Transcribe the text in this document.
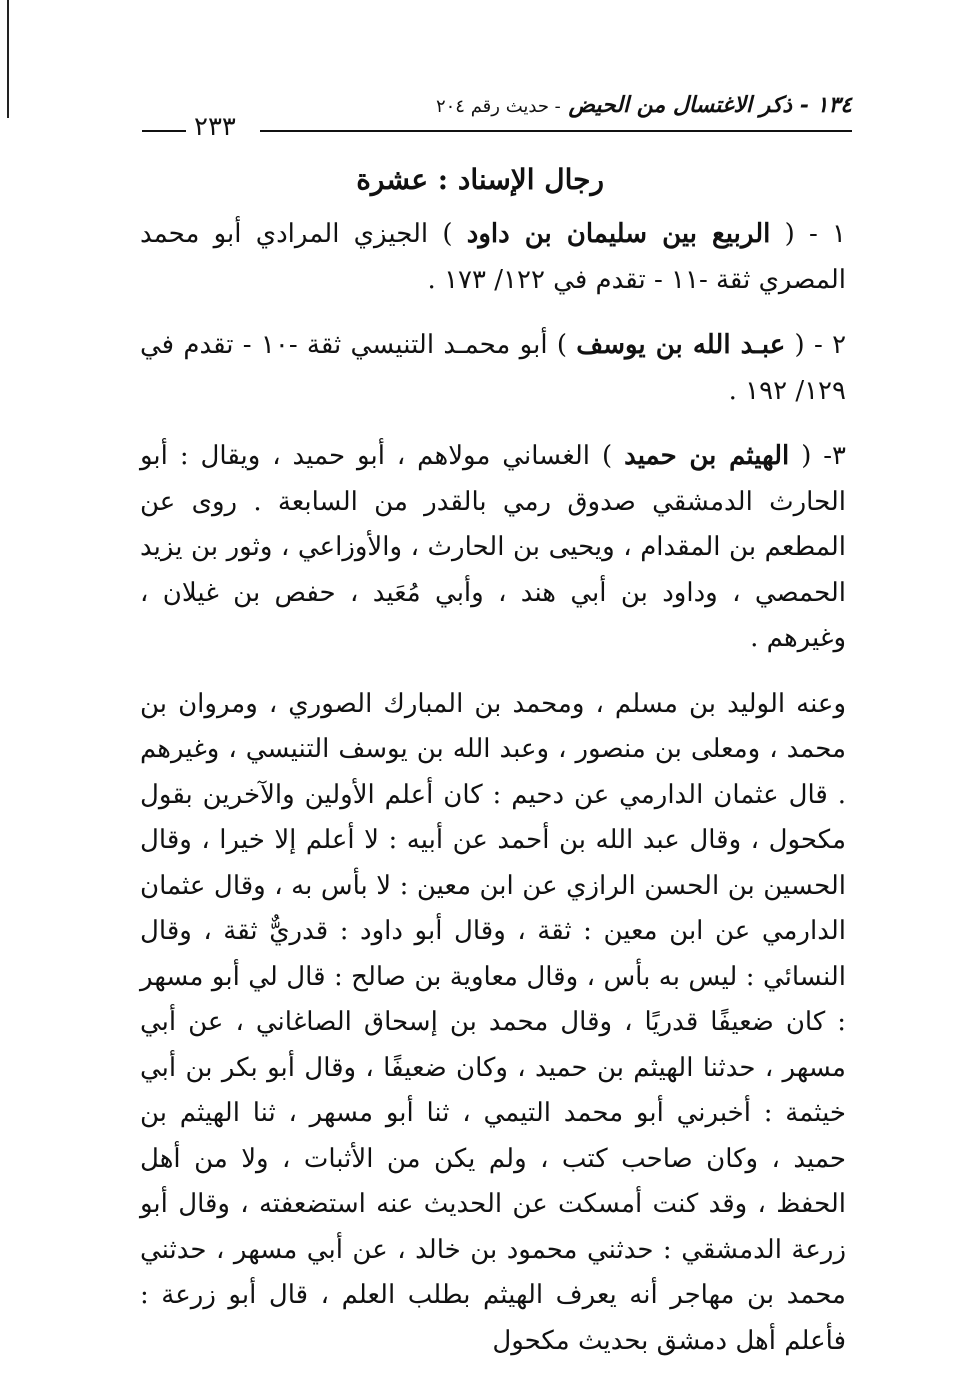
١٣٤ - ذكر الاغتسال من الحيض - حديث رقم ٢٠٤
٢٣٣
رجال الإسناد : عشرة

١ - ( الربيع بين سليمان بن داود ) الجيزي المرادي أبو محمد المصري ثقة -١١ - تقدم في ١٢٢/ ١٧٣ .

٢ - ( عبـد الله بن يوسف ) أبو محمـد التنيسي ثقة -١٠ - تقدم في ١٢٩/ ١٩٢ .

٣- ( الهيثم بن حميد ) الغساني مولاهم ، أبو حميد ، ويقال : أبو الحارث الدمشقي صدوق رمي بالقدر من السابعة . روى عن المطعم بن المقدام ، ويحيى بن الحارث ، والأوزاعي ، وثور بن يزيد الحمصي ، وداود بن أبي هند ، وأبي مُعَيد ، حفص بن غيلان ، وغيرهم .

وعنه الوليد بن مسلم ، ومحمد بن المبارك الصوري ، ومروان بن محمد ، ومعلى بن منصور ، وعبد الله بن يوسف التنيسي ، وغيرهم . قال عثمان الدارمي عن دحيم : كان أعلم الأولين والآخرين بقول مكحول ، وقال عبد الله بن أحمد عن أبيه : لا أعلم إلا خيرا ، وقال الحسين بن الحسن الرازي عن ابن معين : لا بأس به ، وقال عثمان الدارمي عن ابن معين : ثقة ، وقال أبو داود : قدريٌّ ثقة ، وقال النسائي : ليس به بأس ، وقال معاوية بن صالح : قال لي أبو مسهر : كان ضعيفًا قدريًا ، وقال محمد بن إسحاق الصاغاني ، عن أبي مسهر ، حدثنا الهيثم بن حميد ، وكان ضعيفًا ، وقال أبو بكر بن أبي خيثمة : أخبرني أبو محمد التيمي ، ثنا أبو مسهر ، ثنا الهيثم بن حميد ، وكان صاحب كتب ، ولم يكن من الأثبات ، ولا من أهل الحفظ ، وقد كنت أمسكت عن الحديث عنه استضعفته ، وقال أبو زرعة الدمشقي : حدثني محمود بن خالد ، عن أبي مسهر ، حدثني محمد بن مهاجر أنه يعرف الهيثم بطلب العلم ، قال أبو زرعة : فأعلم أهل دمشق بحديث مكحول
